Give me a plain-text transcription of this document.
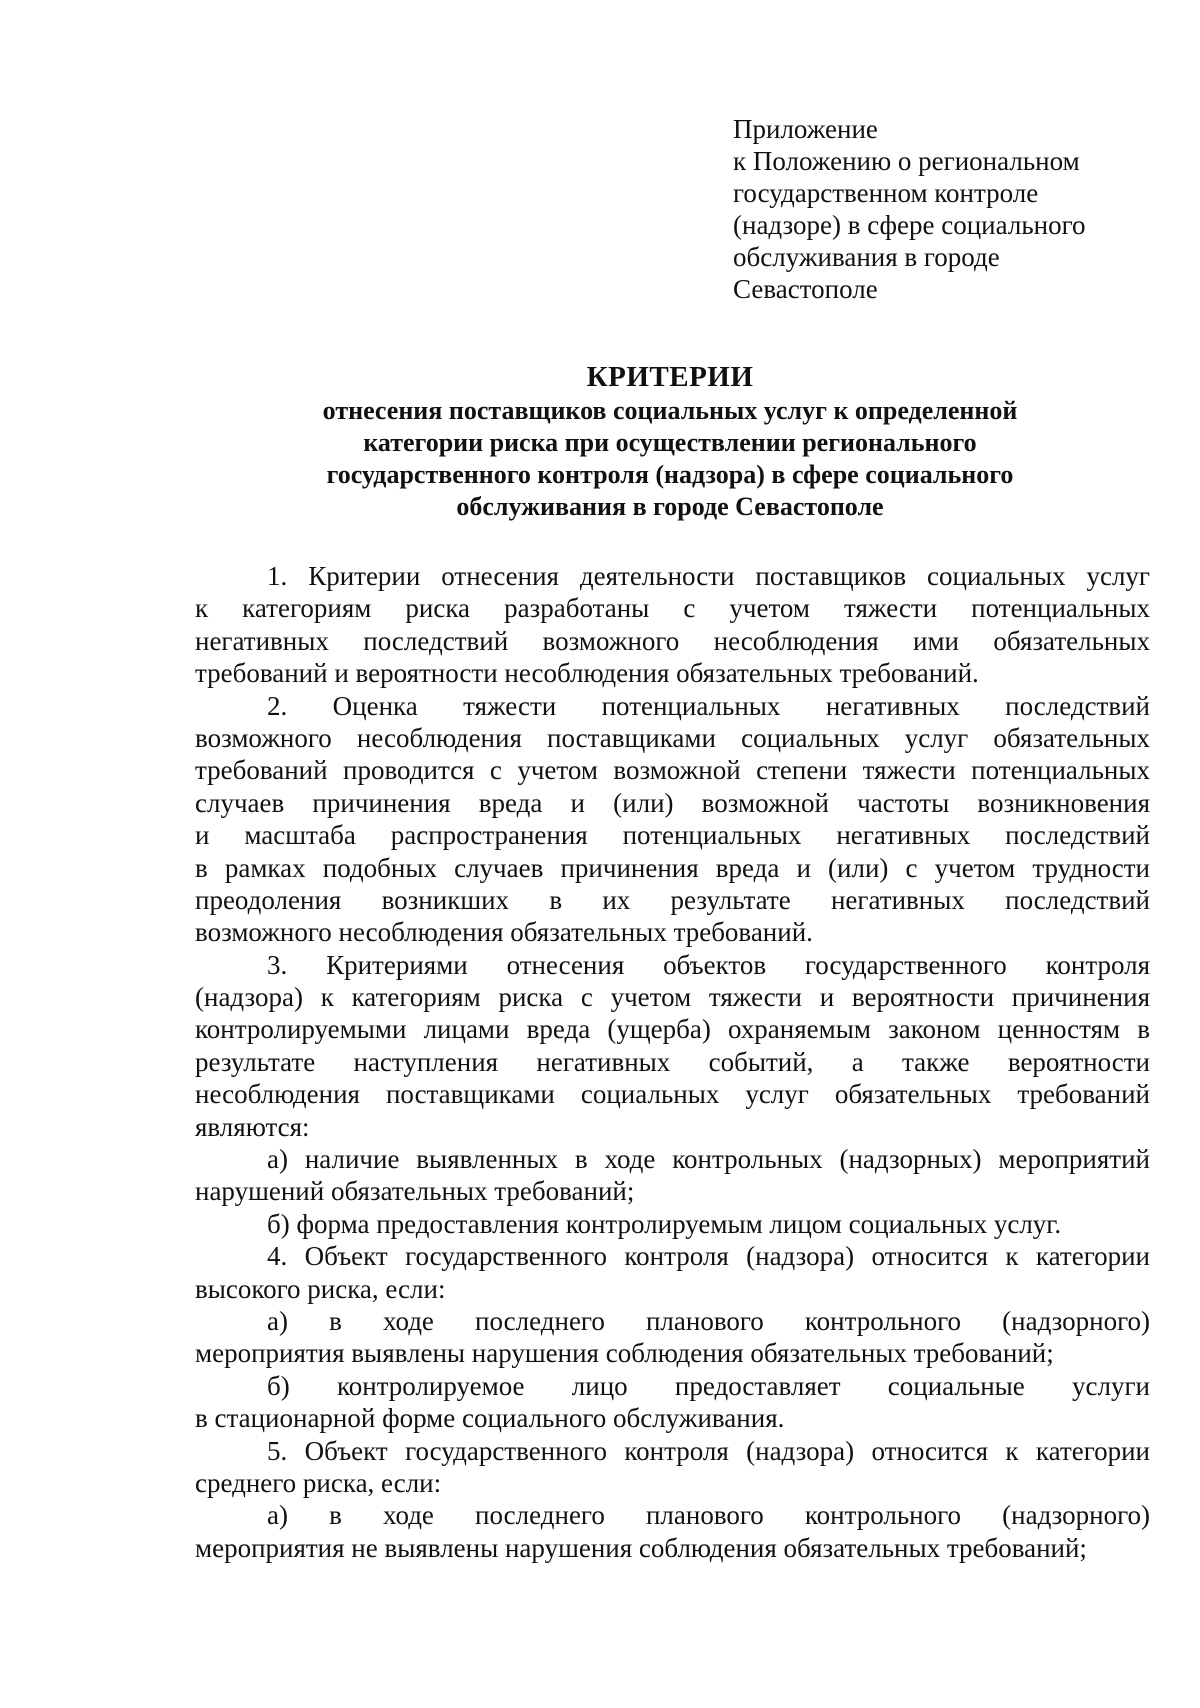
Приложение
к Положению о региональном
государственном контроле
(надзоре) в сфере социального
обслуживания в городе
Севастополе
КРИТЕРИИ
отнесения поставщиков социальных услуг к определенной
категории риска при осуществлении регионального
государственного контроля (надзора) в сфере социального
обслуживания в городе Севастополе
1. Критерии отнесения деятельности поставщиков социальных услуг
к категориям риска разработаны с учетом тяжести потенциальных
негативных последствий возможного несоблюдения ими обязательных
требований и вероятности несоблюдения обязательных требований.
2. Оценка тяжести потенциальных негативных последствий
возможного несоблюдения поставщиками социальных услуг обязательных
требований проводится с учетом возможной степени тяжести потенциальных
случаев причинения вреда и (или) возможной частоты возникновения
и масштаба распространения потенциальных негативных последствий
в рамках подобных случаев причинения вреда и (или) с учетом трудности
преодоления возникших в их результате негативных последствий
возможного несоблюдения обязательных требований.
3. Критериями отнесения объектов государственного контроля
(надзора) к категориям риска с учетом тяжести и вероятности причинения
контролируемыми лицами вреда (ущерба) охраняемым законом ценностям в
результате наступления негативных событий, а также вероятности
несоблюдения поставщиками социальных услуг обязательных требований
являются:
а) наличие выявленных в ходе контрольных (надзорных) мероприятий
нарушений обязательных требований;
б) форма предоставления контролируемым лицом социальных услуг.
4. Объект государственного контроля (надзора) относится к категории
высокого риска, если:
а) в ходе последнего планового контрольного (надзорного)
мероприятия выявлены нарушения соблюдения обязательных требований;
б) контролируемое лицо предоставляет социальные услуги
в стационарной форме социального обслуживания.
5. Объект государственного контроля (надзора) относится к категории
среднего риска, если:
а) в ходе последнего планового контрольного (надзорного)
мероприятия не выявлены нарушения соблюдения обязательных требований;
